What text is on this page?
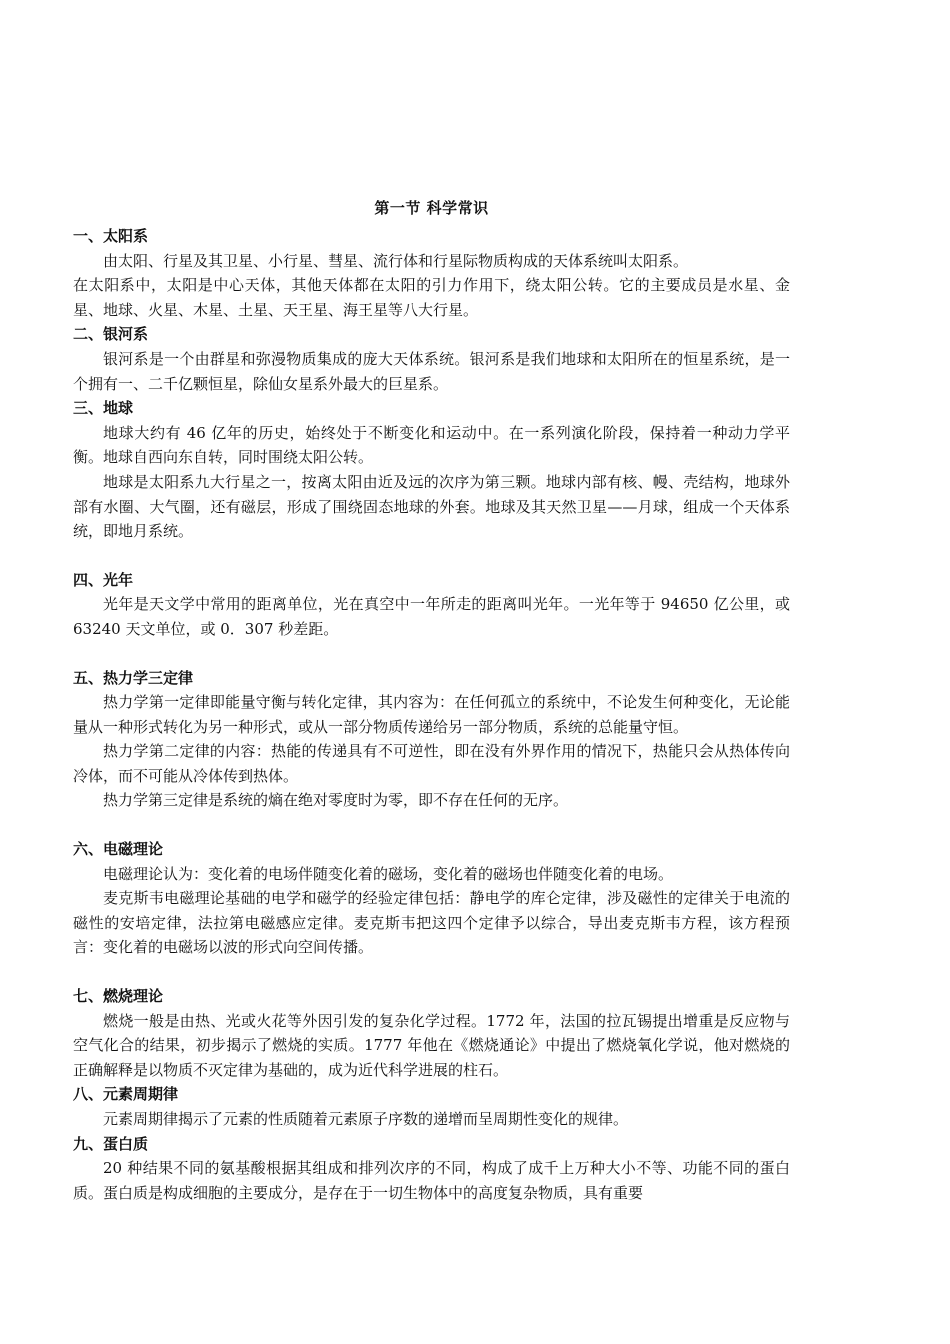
第一节 科学常识

一、太阳系

由太阳、行星及其卫星、小行星、彗星、流行体和行星际物质构成的天体系统叫太阳系。

在太阳系中，太阳是中心天体，其他天体都在太阳的引力作用下，绕太阳公转。它的主要成员是水星、金星、地球、火星、木星、土星、天王星、海王星等八大行星。

二、银河系

银河系是一个由群星和弥漫物质集成的庞大天体系统。银河系是我们地球和太阳所在的恒星系统，是一个拥有一、二千亿颗恒星，除仙女星系外最大的巨星系。

三、地球

地球大约有 46 亿年的历史，始终处于不断变化和运动中。在一系列演化阶段，保持着一种动力学平衡。地球自西向东自转，同时围绕太阳公转。

地球是太阳系九大行星之一，按离太阳由近及远的次序为第三颗。地球内部有核、幔、壳结构，地球外部有水圈、大气圈，还有磁层，形成了围绕固态地球的外套。地球及其天然卫星——月球，组成一个天体系统，即地月系统。

四、光年

光年是天文学中常用的距离单位，光在真空中一年所走的距离叫光年。一光年等于 94650 亿公里，或 63240 天文单位，或 0．307 秒差距。

五、热力学三定律

热力学第一定律即能量守衡与转化定律，其内容为：在任何孤立的系统中，不论发生何种变化，无论能量从一种形式转化为另一种形式，或从一部分物质传递给另一部分物质，系统的总能量守恒。

热力学第二定律的内容：热能的传递具有不可逆性，即在没有外界作用的情况下，热能只会从热体传向冷体，而不可能从冷体传到热体。

热力学第三定律是系统的熵在绝对零度时为零，即不存在任何的无序。

六、电磁理论

电磁理论认为：变化着的电场伴随变化着的磁场，变化着的磁场也伴随变化着的电场。

麦克斯韦电磁理论基础的电学和磁学的经验定律包括：静电学的库仑定律，涉及磁性的定律关于电流的磁性的安培定律，法拉第电磁感应定律。麦克斯韦把这四个定律予以综合，导出麦克斯韦方程，该方程预言：变化着的电磁场以波的形式向空间传播。

七、燃烧理论

燃烧一般是由热、光或火花等外因引发的复杂化学过程。1772 年，法国的拉瓦锡提出增重是反应物与空气化合的结果，初步揭示了燃烧的实质。1777 年他在《燃烧通论》中提出了燃烧氧化学说，他对燃烧的正确解释是以物质不灭定律为基础的，成为近代科学进展的柱石。

八、元素周期律

元素周期律揭示了元素的性质随着元素原子序数的递增而呈周期性变化的规律。

九、蛋白质

20 种结果不同的氨基酸根据其组成和排列次序的不同，构成了成千上万种大小不等、功能不同的蛋白质。蛋白质是构成细胞的主要成分，是存在于一切生物体中的高度复杂物质，具有重要
